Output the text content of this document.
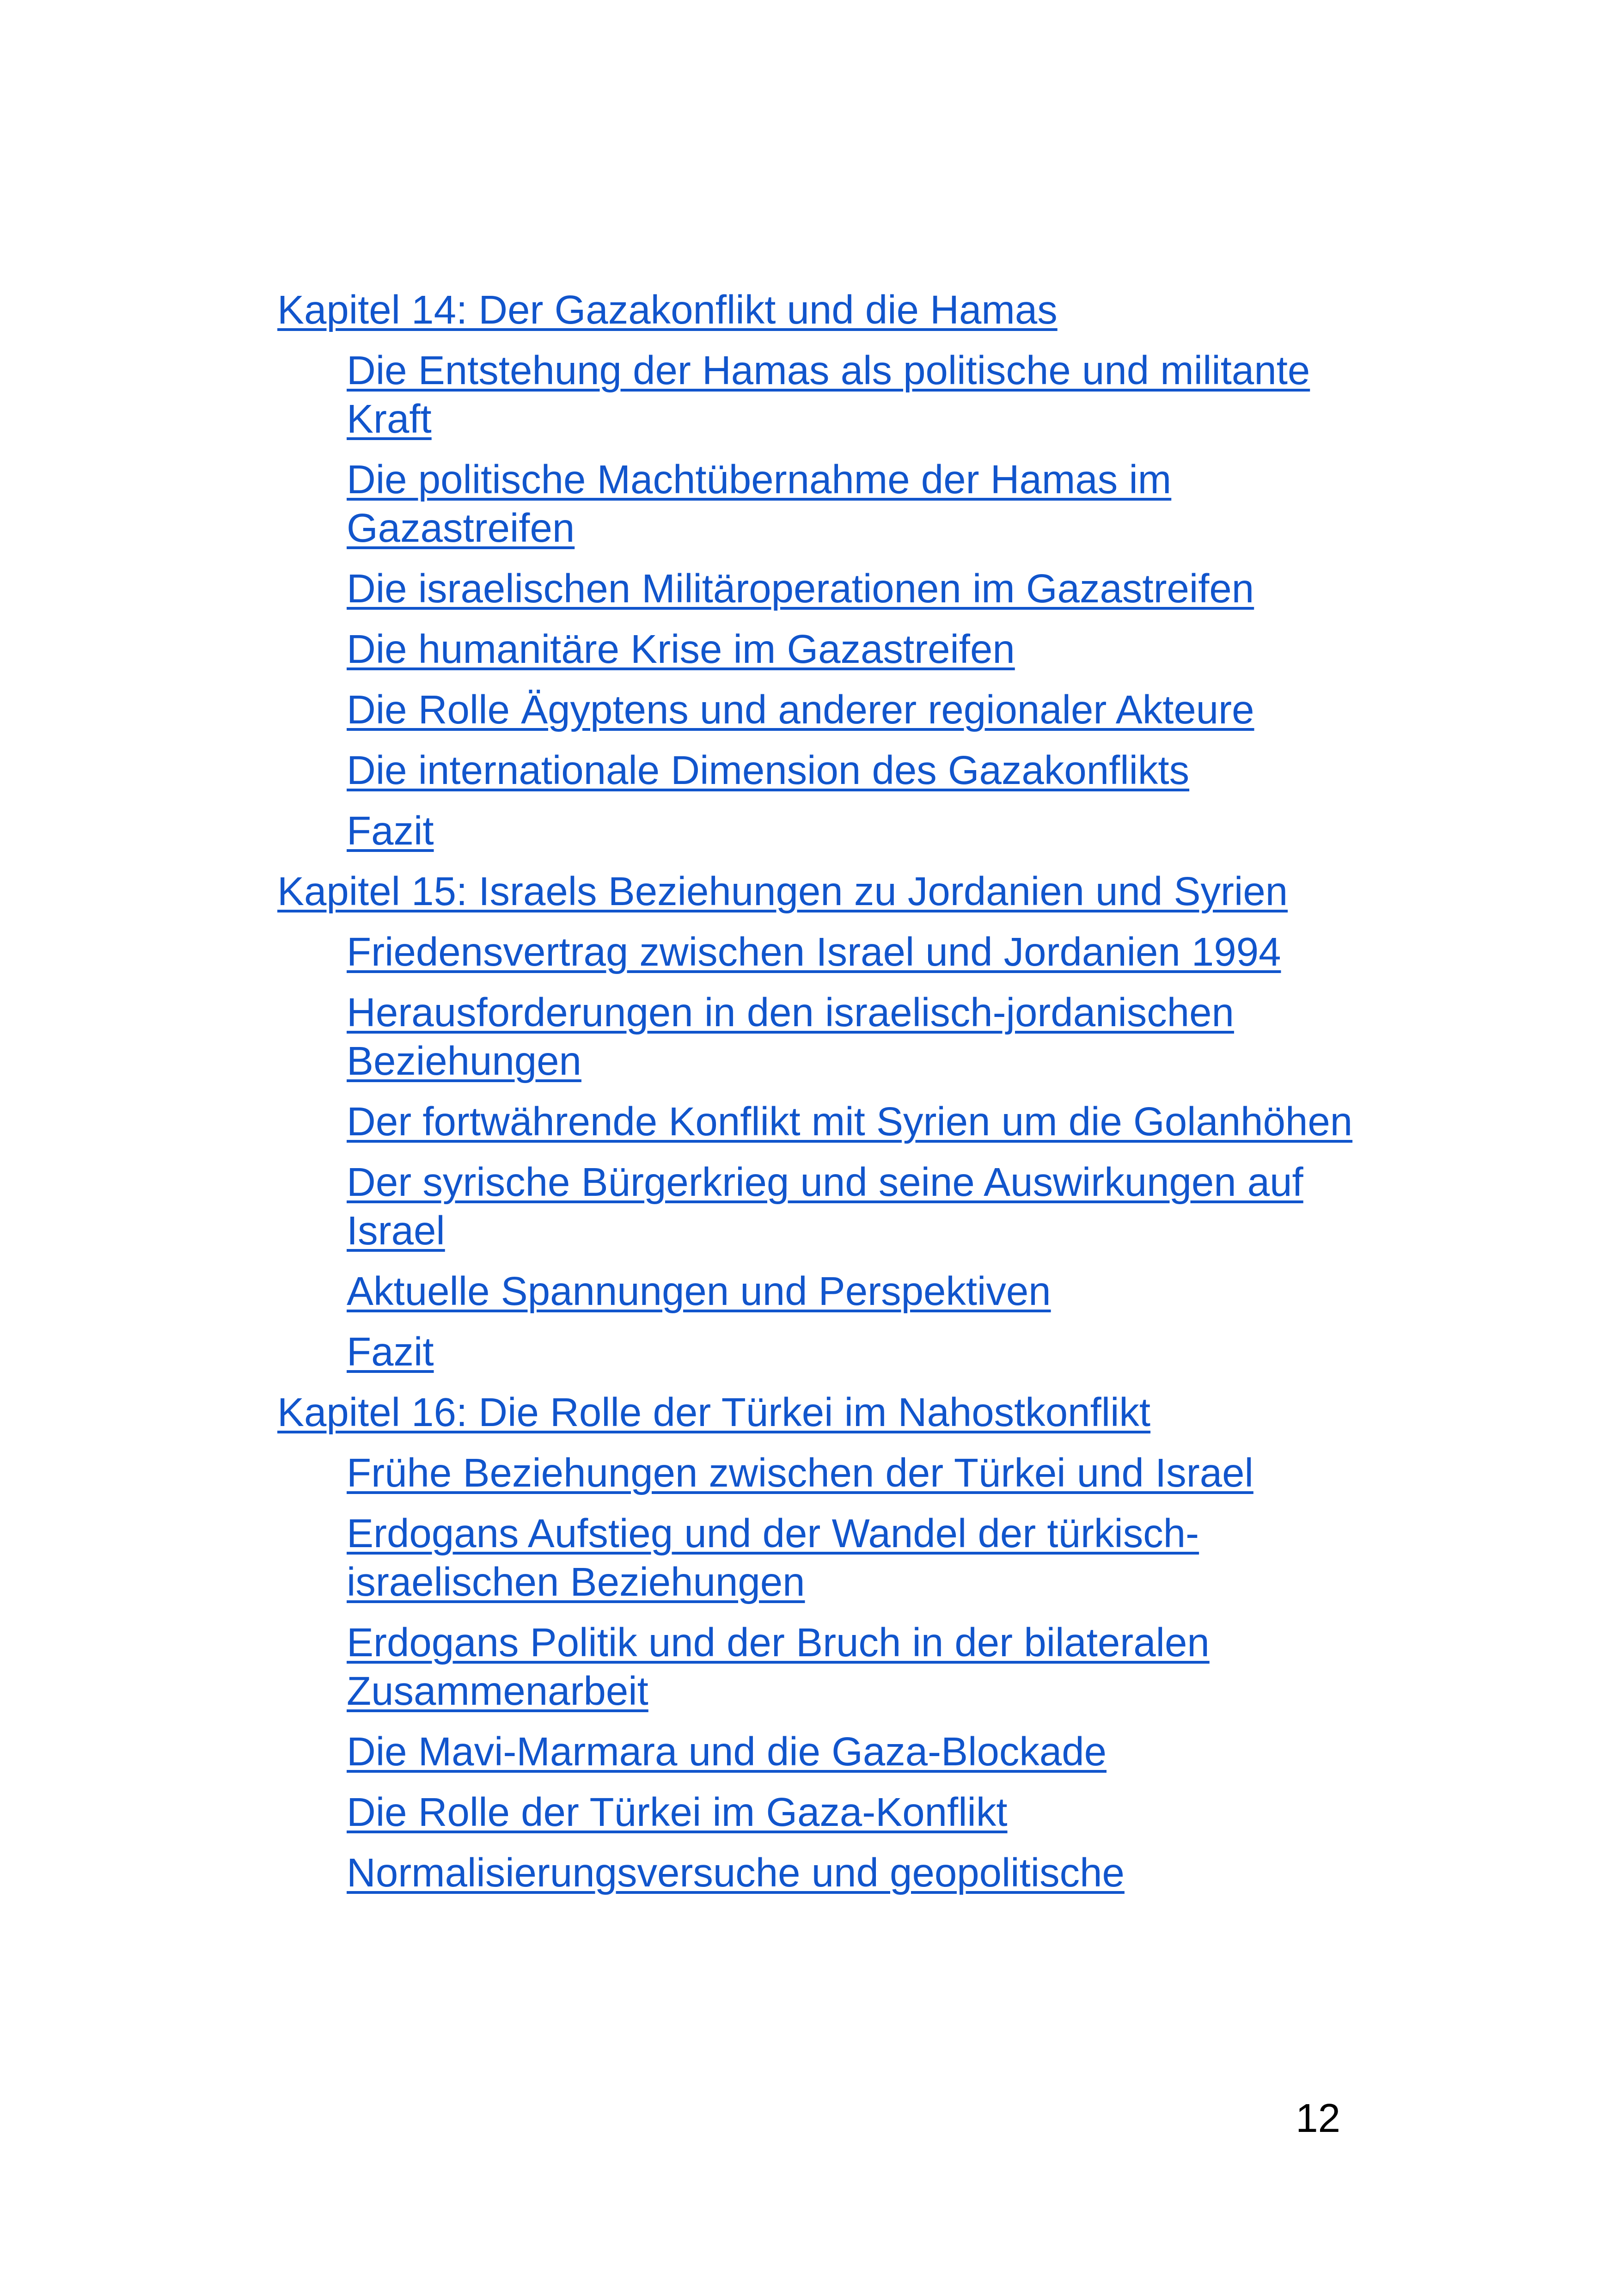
Kapitel 14: Der Gazakonflikt und die Hamas
Die Entstehung der Hamas als politische und militante Kraft
Die politische Machtübernahme der Hamas im Gazastreifen
Die israelischen Militäroperationen im Gazastreifen
Die humanitäre Krise im Gazastreifen
Die Rolle Ägyptens und anderer regionaler Akteure
Die internationale Dimension des Gazakonflikts
Fazit
Kapitel 15: Israels Beziehungen zu Jordanien und Syrien
Friedensvertrag zwischen Israel und Jordanien 1994
Herausforderungen in den israelisch-jordanischen Beziehungen
Der fortwährende Konflikt mit Syrien um die Golanhöhen
Der syrische Bürgerkrieg und seine Auswirkungen auf Israel
Aktuelle Spannungen und Perspektiven
Fazit
Kapitel 16: Die Rolle der Türkei im Nahostkonflikt
Frühe Beziehungen zwischen der Türkei und Israel
Erdogans Aufstieg und der Wandel der türkisch-israelischen Beziehungen
Erdogans Politik und der Bruch in der bilateralen Zusammenarbeit
Die Mavi-Marmara und die Gaza-Blockade
Die Rolle der Türkei im Gaza-Konflikt
Normalisierungsversuche und geopolitische
12
